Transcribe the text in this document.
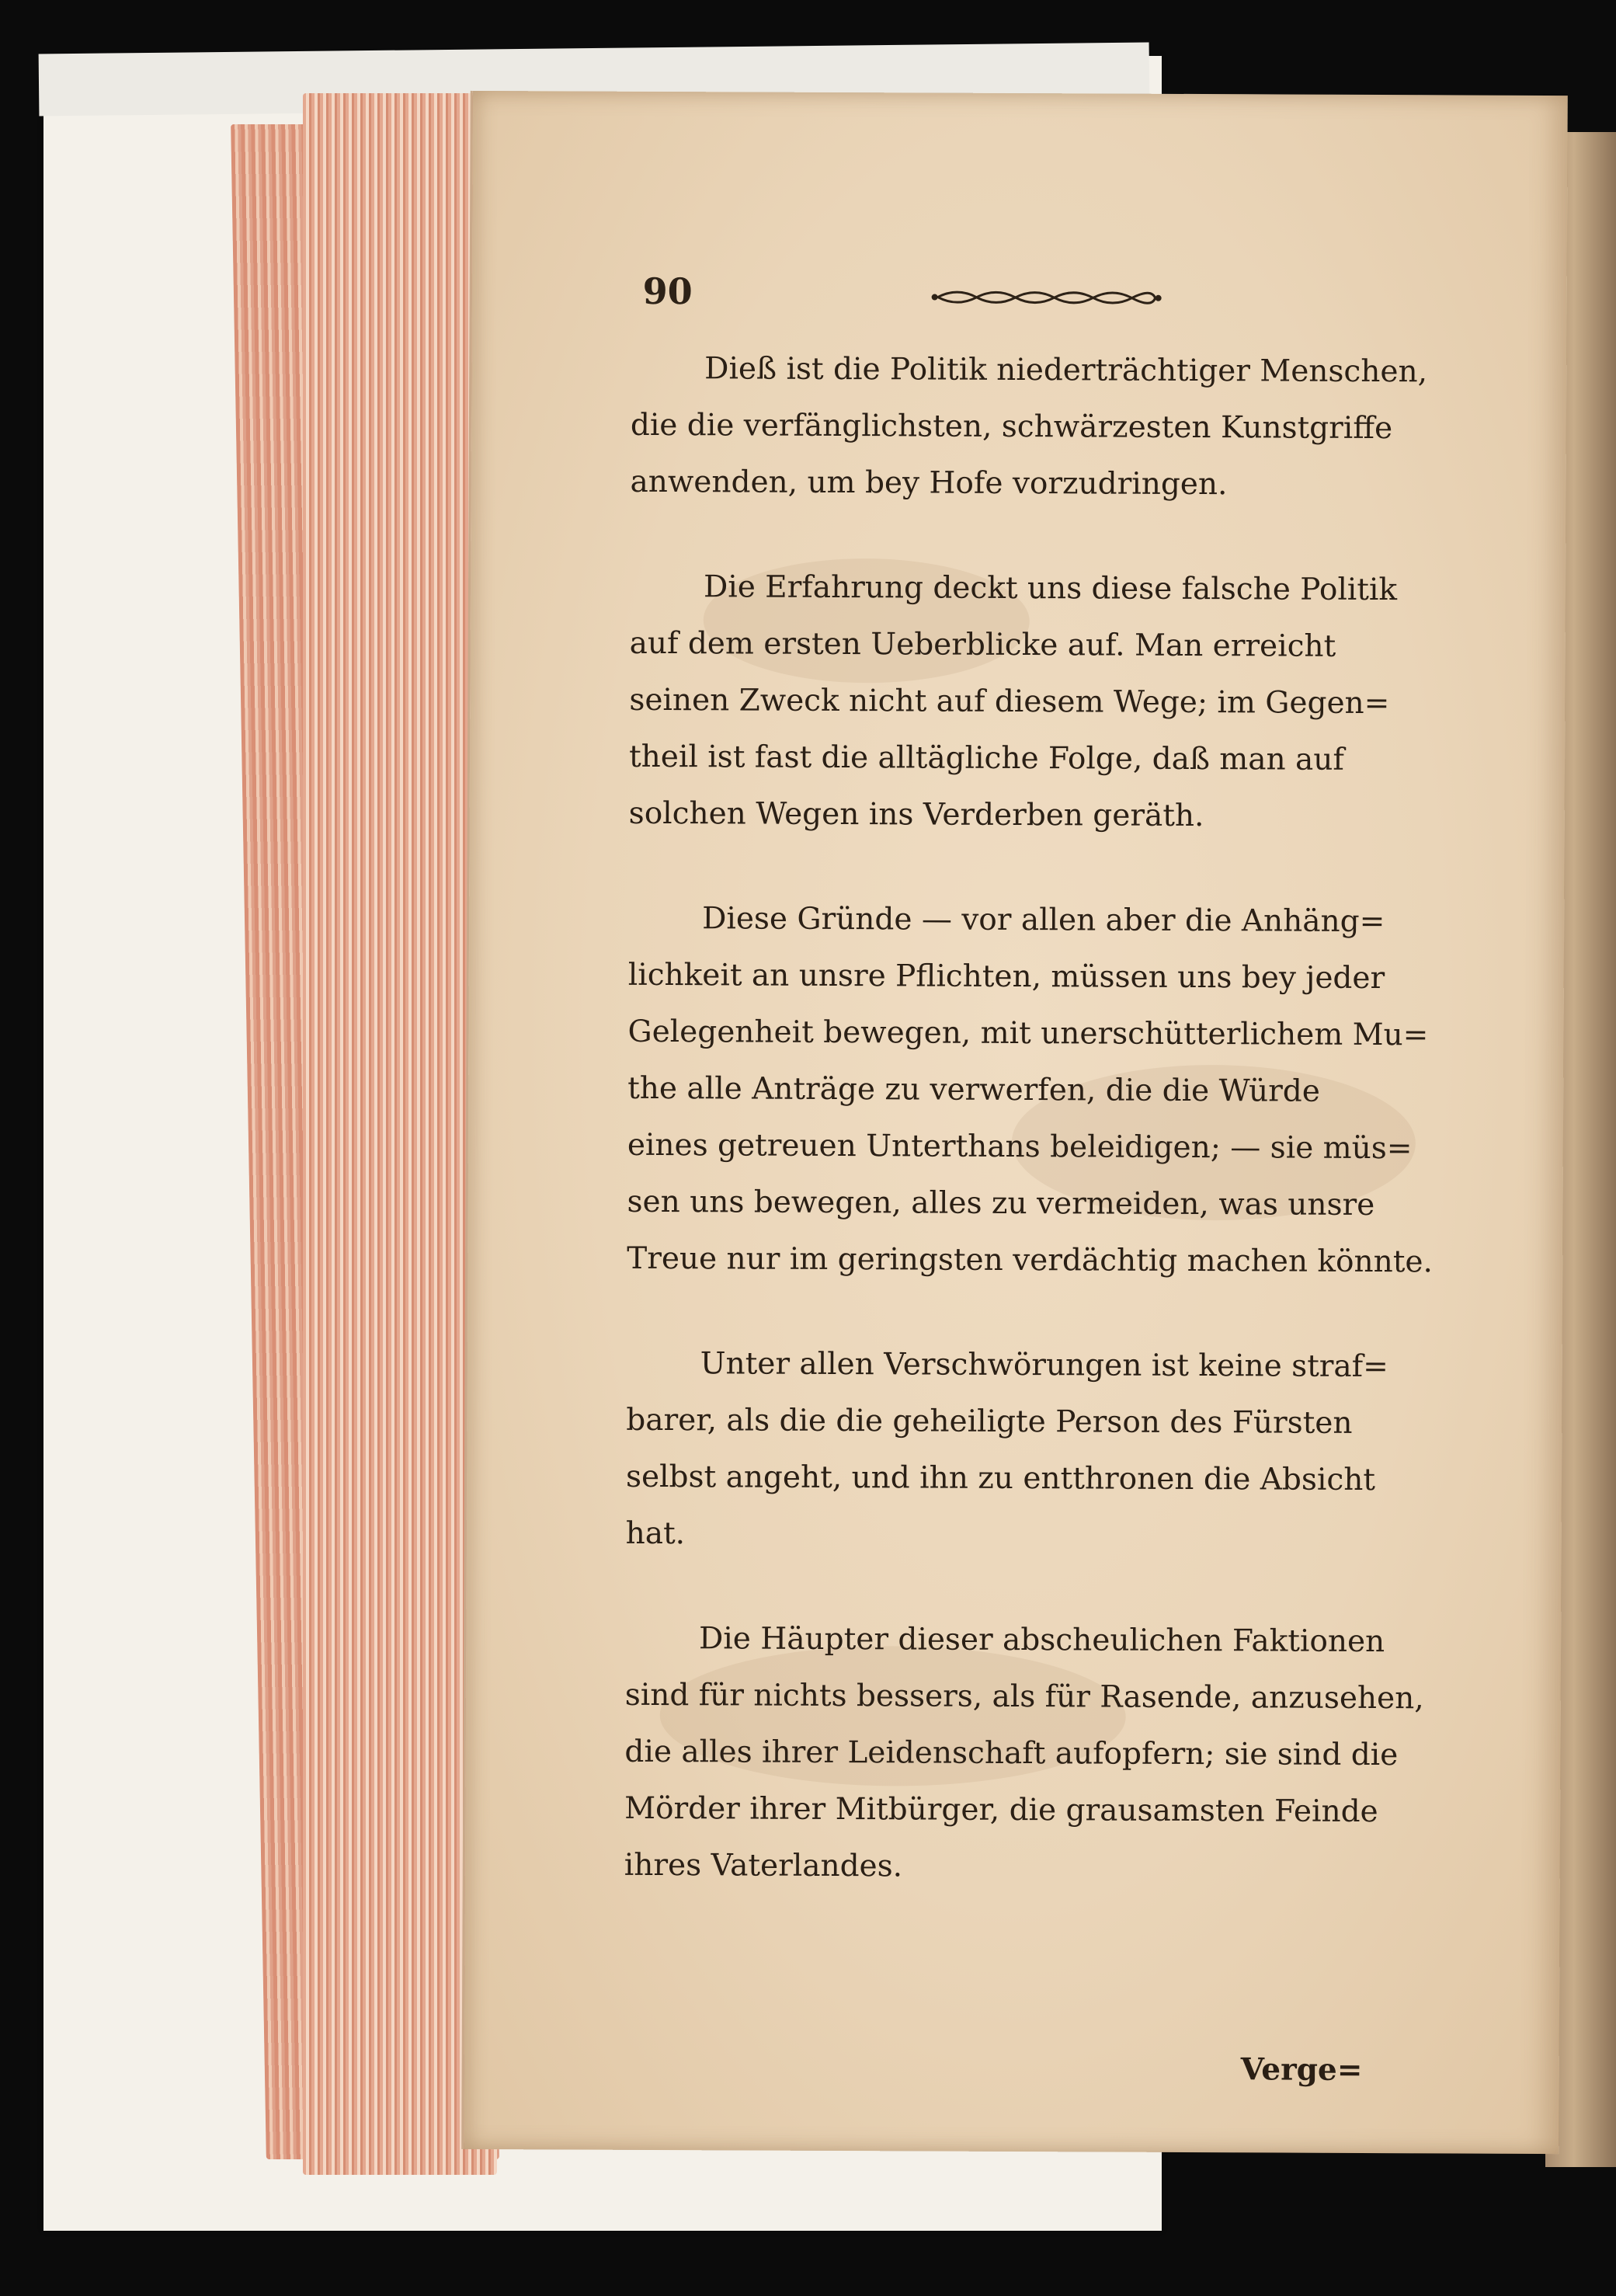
90
Dieß ist die Politik niederträchtiger Menschen,
die die verfänglichsten, schwärzesten Kunstgriffe
anwenden, um bey Hofe vorzudringen.
Die Erfahrung deckt uns diese falsche Politik
auf dem ersten Ueberblicke auf. Man erreicht
seinen Zweck nicht auf diesem Wege; im Gegen=
theil ist fast die alltägliche Folge, daß man auf
solchen Wegen ins Verderben geräth.
Diese Gründe — vor allen aber die Anhäng=
lichkeit an unsre Pflichten, müssen uns bey jeder
Gelegenheit bewegen, mit unerschütterlichem Mu=
the alle Anträge zu verwerfen, die die Würde
eines getreuen Unterthans beleidigen; — sie müs=
sen uns bewegen, alles zu vermeiden, was unsre
Treue nur im geringsten verdächtig machen könnte.
Unter allen Verschwörungen ist keine straf=
barer, als die die geheiligte Person des Fürsten
selbst angeht, und ihn zu entthronen die Absicht
hat.
Die Häupter dieser abscheulichen Faktionen
sind für nichts bessers, als für Rasende, anzusehen,
die alles ihrer Leidenschaft aufopfern; sie sind die
Mörder ihrer Mitbürger, die grausamsten Feinde
ihres Vaterlandes.
Verge=
